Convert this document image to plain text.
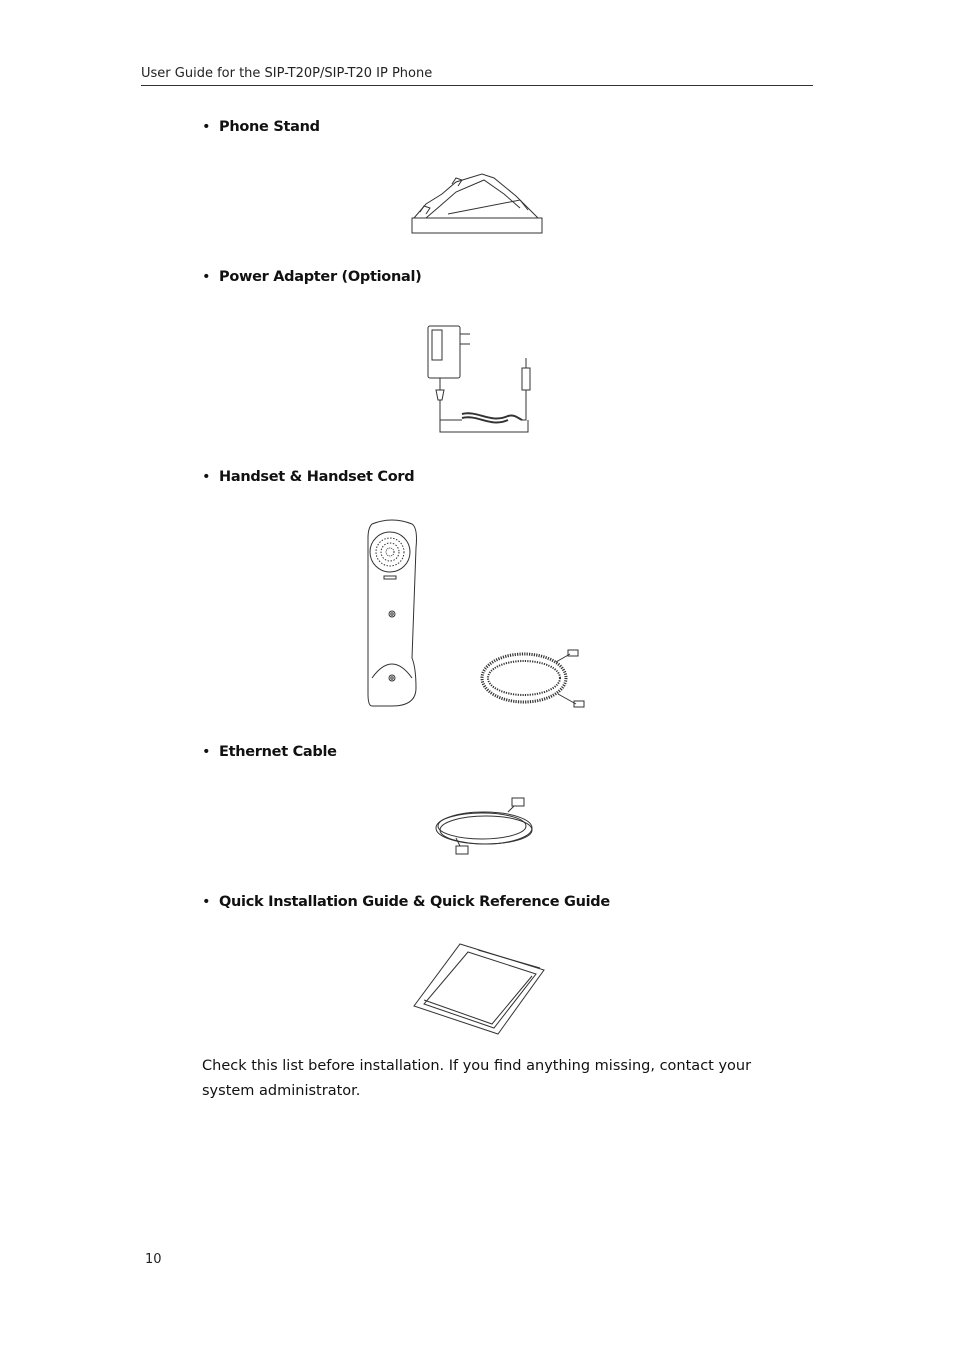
User Guide for the SIP-T20P/SIP-T20 IP Phone
• Phone Stand
• Power Adapter (Optional)
• Handset & Handset Cord
• Ethernet Cable
• Quick Installation Guide & Quick Reference Guide
Check this list before installation. If you find anything missing, contact your system administrator.
10
